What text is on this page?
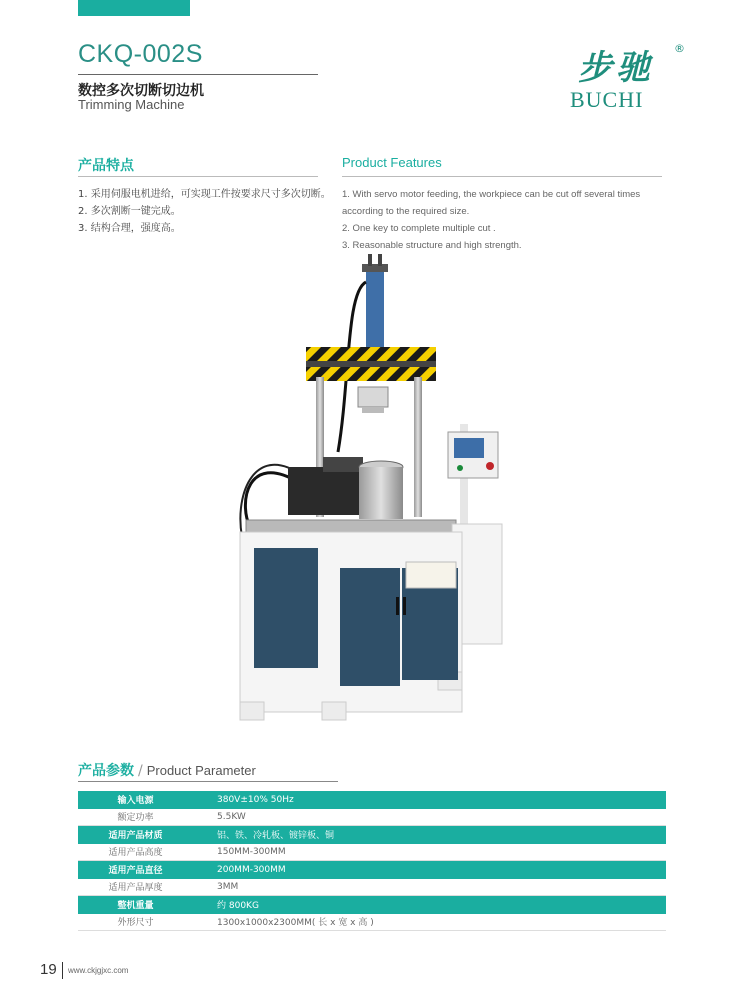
CKQ-002S
数控多次切断切边机
Trimming Machine
步驰 ®
BUCHI
产品特点
1. 采用伺服电机进给，可实现工件按要求尺寸多次切断。
2. 多次割断一键完成。
3. 结构合理，强度高。
Product Features
1. With servo motor feeding, the workpiece can be cut off several times according to the required size.
2. One key to complete multiple cut .
3. Reasonable structure and high strength.
产品参数 / Product Parameter
输入电源	380V±10% 50Hz
额定功率	5.5KW
适用产品材质	铝、铁、冷轧板、镀锌板、铜
适用产品高度	150MM-300MM
适用产品直径	200MM-300MM
适用产品厚度	3MM
整机重量	约 800KG
外形尺寸	1300x1000x2300MM( 长 x 宽 x 高 )
19 www.ckjgjxc.com
